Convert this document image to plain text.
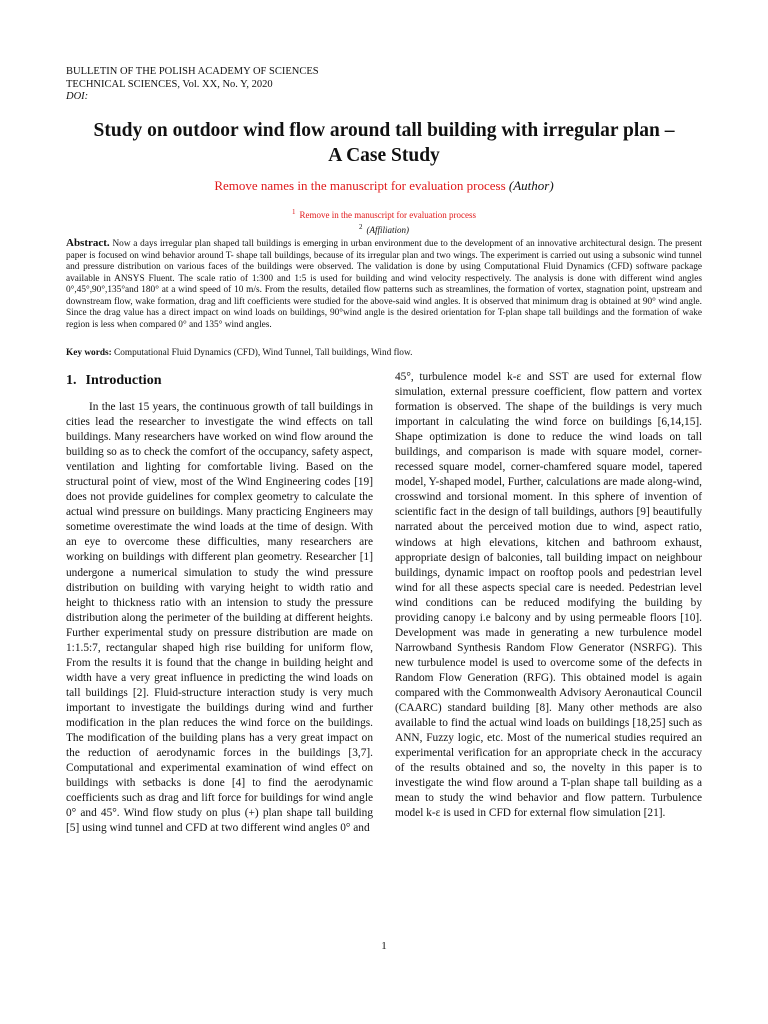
BULLETIN OF THE POLISH ACADEMY OF SCIENCES
TECHNICAL SCIENCES, Vol. XX, No. Y, 2020
DOI:
Study on outdoor wind flow around tall building with irregular plan –
A Case Study
Remove names in the manuscript for evaluation process (Author)
$^1$ Remove in the manuscript for evaluation process
$^2$ (Affiliation)
Abstract. Now a days irregular plan shaped tall buildings is emerging in urban environment due to the development of an innovative architectural design. The present paper is focused on wind behavior around T- shape tall buildings, because of its irregular plan and two wings. The experiment is carried out using a subsonic wind tunnel and pressure distribution on various faces of the buildings were observed. The validation is done by using Computational Fluid Dynamics (CFD) software package available in ANSYS Fluent. The scale ratio of 1:300 and 1:5 is used for building and wind velocity respectively. The analysis is done with different wind angles 0°,45°,90°,135°and 180° at a wind speed of 10 m/s. From the results, detailed flow patterns such as streamlines, the formation of vortex, stagnation point, upstream and downstream flow, wake formation, drag and lift coefficients were studied for the above-said wind angles. It is observed that minimum drag is obtained at 90° wind angle. Since the drag value has a direct impact on wind loads on buildings, 90°wind angle is the desired orientation for T-plan shape tall buildings and the formation of wake region is less when compared 0° and 135° wind angles.
Key words: Computational Fluid Dynamics (CFD), Wind Tunnel, Tall buildings, Wind flow.
1. Introduction

In the last 15 years, the continuous growth of tall buildings in cities lead the researcher to investigate the wind effects on tall buildings. Many researchers have worked on wind flow around the building so as to check the comfort of the occupancy, safety aspect, ventilation and lighting for comfortable living. Based on the structural point of view, most of the Wind Engineering codes [19] does not provide guidelines for complex geometry to calculate the actual wind pressure on buildings. Many practicing Engineers may sometime overestimate the wind loads at the time of design. With an eye to overcome these difficulties, many researchers are working on buildings with different plan geometry. Researcher [1] undergone a numerical simulation to study the wind pressure distribution on building with varying height to width ratio and height to thickness ratio with an intension to study the pressure distribution along the perimeter of the building at different heights. Further experimental study on pressure distribution are made on 1:1.5:7, rectangular shaped high rise building for uniform flow, From the results it is found that the change in building height and width have a very great influence in predicting the wind loads on tall buildings [2]. Fluid-structure interaction study is very much important to investigate the buildings during wind and further modification in the plan reduces the wind force on the buildings. The modification of the building plans has a very great impact on the reduction of aerodynamic forces in the buildings [3,7]. Computational and experimental examination of wind effect on buildings with setbacks is done [4] to find the aerodynamic coefficients such as drag and lift force for buildings for wind angle 0° and 45°. Wind flow study on plus (+) plan shape tall building [5] using wind tunnel and CFD at two different wind angles 0° and

45°, turbulence model k-ε and SST are used for external flow simulation, external pressure coefficient, flow pattern and vortex formation is observed. The shape of the buildings is very much important in calculating the wind force on buildings [6,14,15]. Shape optimization is done to reduce the wind loads on tall buildings, and comparison is made with square model, corner-recessed square model, corner-chamfered square model, tapered model, Y-shaped model, Further, calculations are made along-wind, crosswind and torsional moment. In this sphere of invention of scientific fact in the design of tall buildings, authors [9] beautifully narrated about the perceived motion due to wind, aspect ratio, windows at high elevations, kitchen and bathroom exhaust, appropriate design of balconies, tall building impact on neighbour buildings, dynamic impact on rooftop pools and pedestrian level wind for all these aspects special care is needed. Pedestrian level wind conditions can be reduced modifying the building by providing canopy i.e balcony and by using permeable floors [10]. Development was made in generating a new turbulence model Narrowband Synthesis Random Flow Generator (NSRFG). This new turbulence model is used to overcome some of the defects in Random Flow Generation (RFG). This obtained model is again compared with the Commonwealth Advisory Aeronautical Council (CAARC) standard building [8]. Many other methods are also available to find the actual wind loads on buildings [18,25] such as ANN, Fuzzy logic, etc. Most of the numerical studies required an experimental verification for an appropriate check in the accuracy of the results obtained and so, the novelty in this paper is to investigate the wind flow around a T-plan shape tall building as a mean to study the wind behavior and flow pattern. Turbulence model k-ε is used in CFD for external flow simulation [21].

1
